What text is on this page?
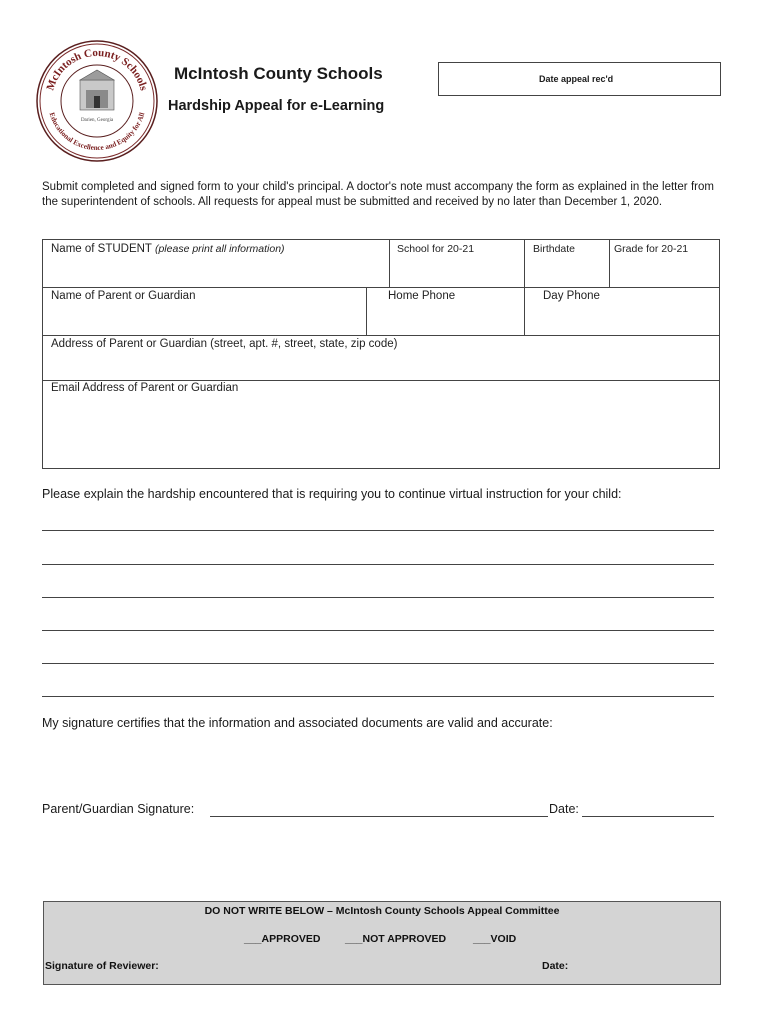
McIntosh County Schools
Educational Excellence and Equity for All
Darien, Georgia
McIntosh County Schools
Hardship Appeal for e-Learning
Date appeal rec'd

Submit completed and signed form to your child's principal. A doctor's note must accompany the form as explained in the letter from the superintendent of schools. All requests for appeal must be submitted and received by no later than December 1, 2020.

Name of STUDENT (please print all information)	School for 20-21	Birthdate	Grade for 20-21
Name of Parent or Guardian	Home Phone	Day Phone
Address of Parent or Guardian (street, apt. #, street, state, zip code)
Email Address of Parent or Guardian
Please explain the hardship encountered that is requiring you to continue virtual instruction for your child:
My signature certifies that the information and associated documents are valid and accurate:
Parent/Guardian Signature:	Date:
DO NOT WRITE BELOW – McIntosh County Schools Appeal Committee
___APPROVED ___NOT APPROVED	___VOID
Signature of Reviewer:	Date:
